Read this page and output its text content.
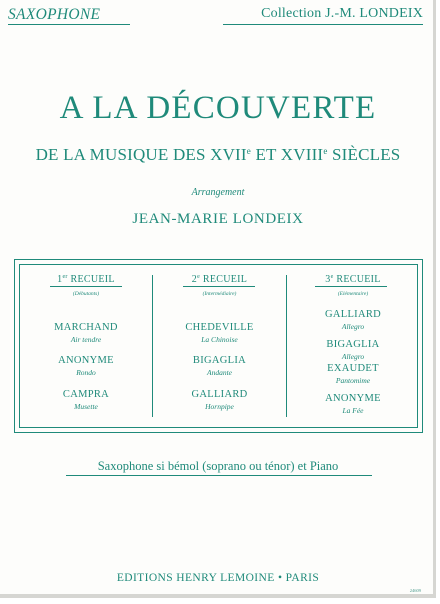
SAXOPHONE	Collection J.-M. LONDEIX
A LA DÉCOUVERTE
DE LA MUSIQUE DES XVIIe ET XVIIIe SIÈCLES
Arrangement
JEAN-MARIE LONDEIX
1er RECUEIL
(Débutants)
MARCHAND
Air tendre
ANONYME
Rondo
CAMPRA
Musette
2e RECUEIL
(Intermédiaire)
CHEDEVILLE
La Chinoise
BIGAGLIA
Andante
GALLIARD
Hornpipe
3e RECUEIL
(Elémentaire)
GALLIARD
Allegro
BIGAGLIA
Allegro
EXAUDET
Pantomime
ANONYME
La Fée
Saxophone si bémol (soprano ou ténor) et Piano
EDITIONS HENRY LEMOINE • PARIS
24609
